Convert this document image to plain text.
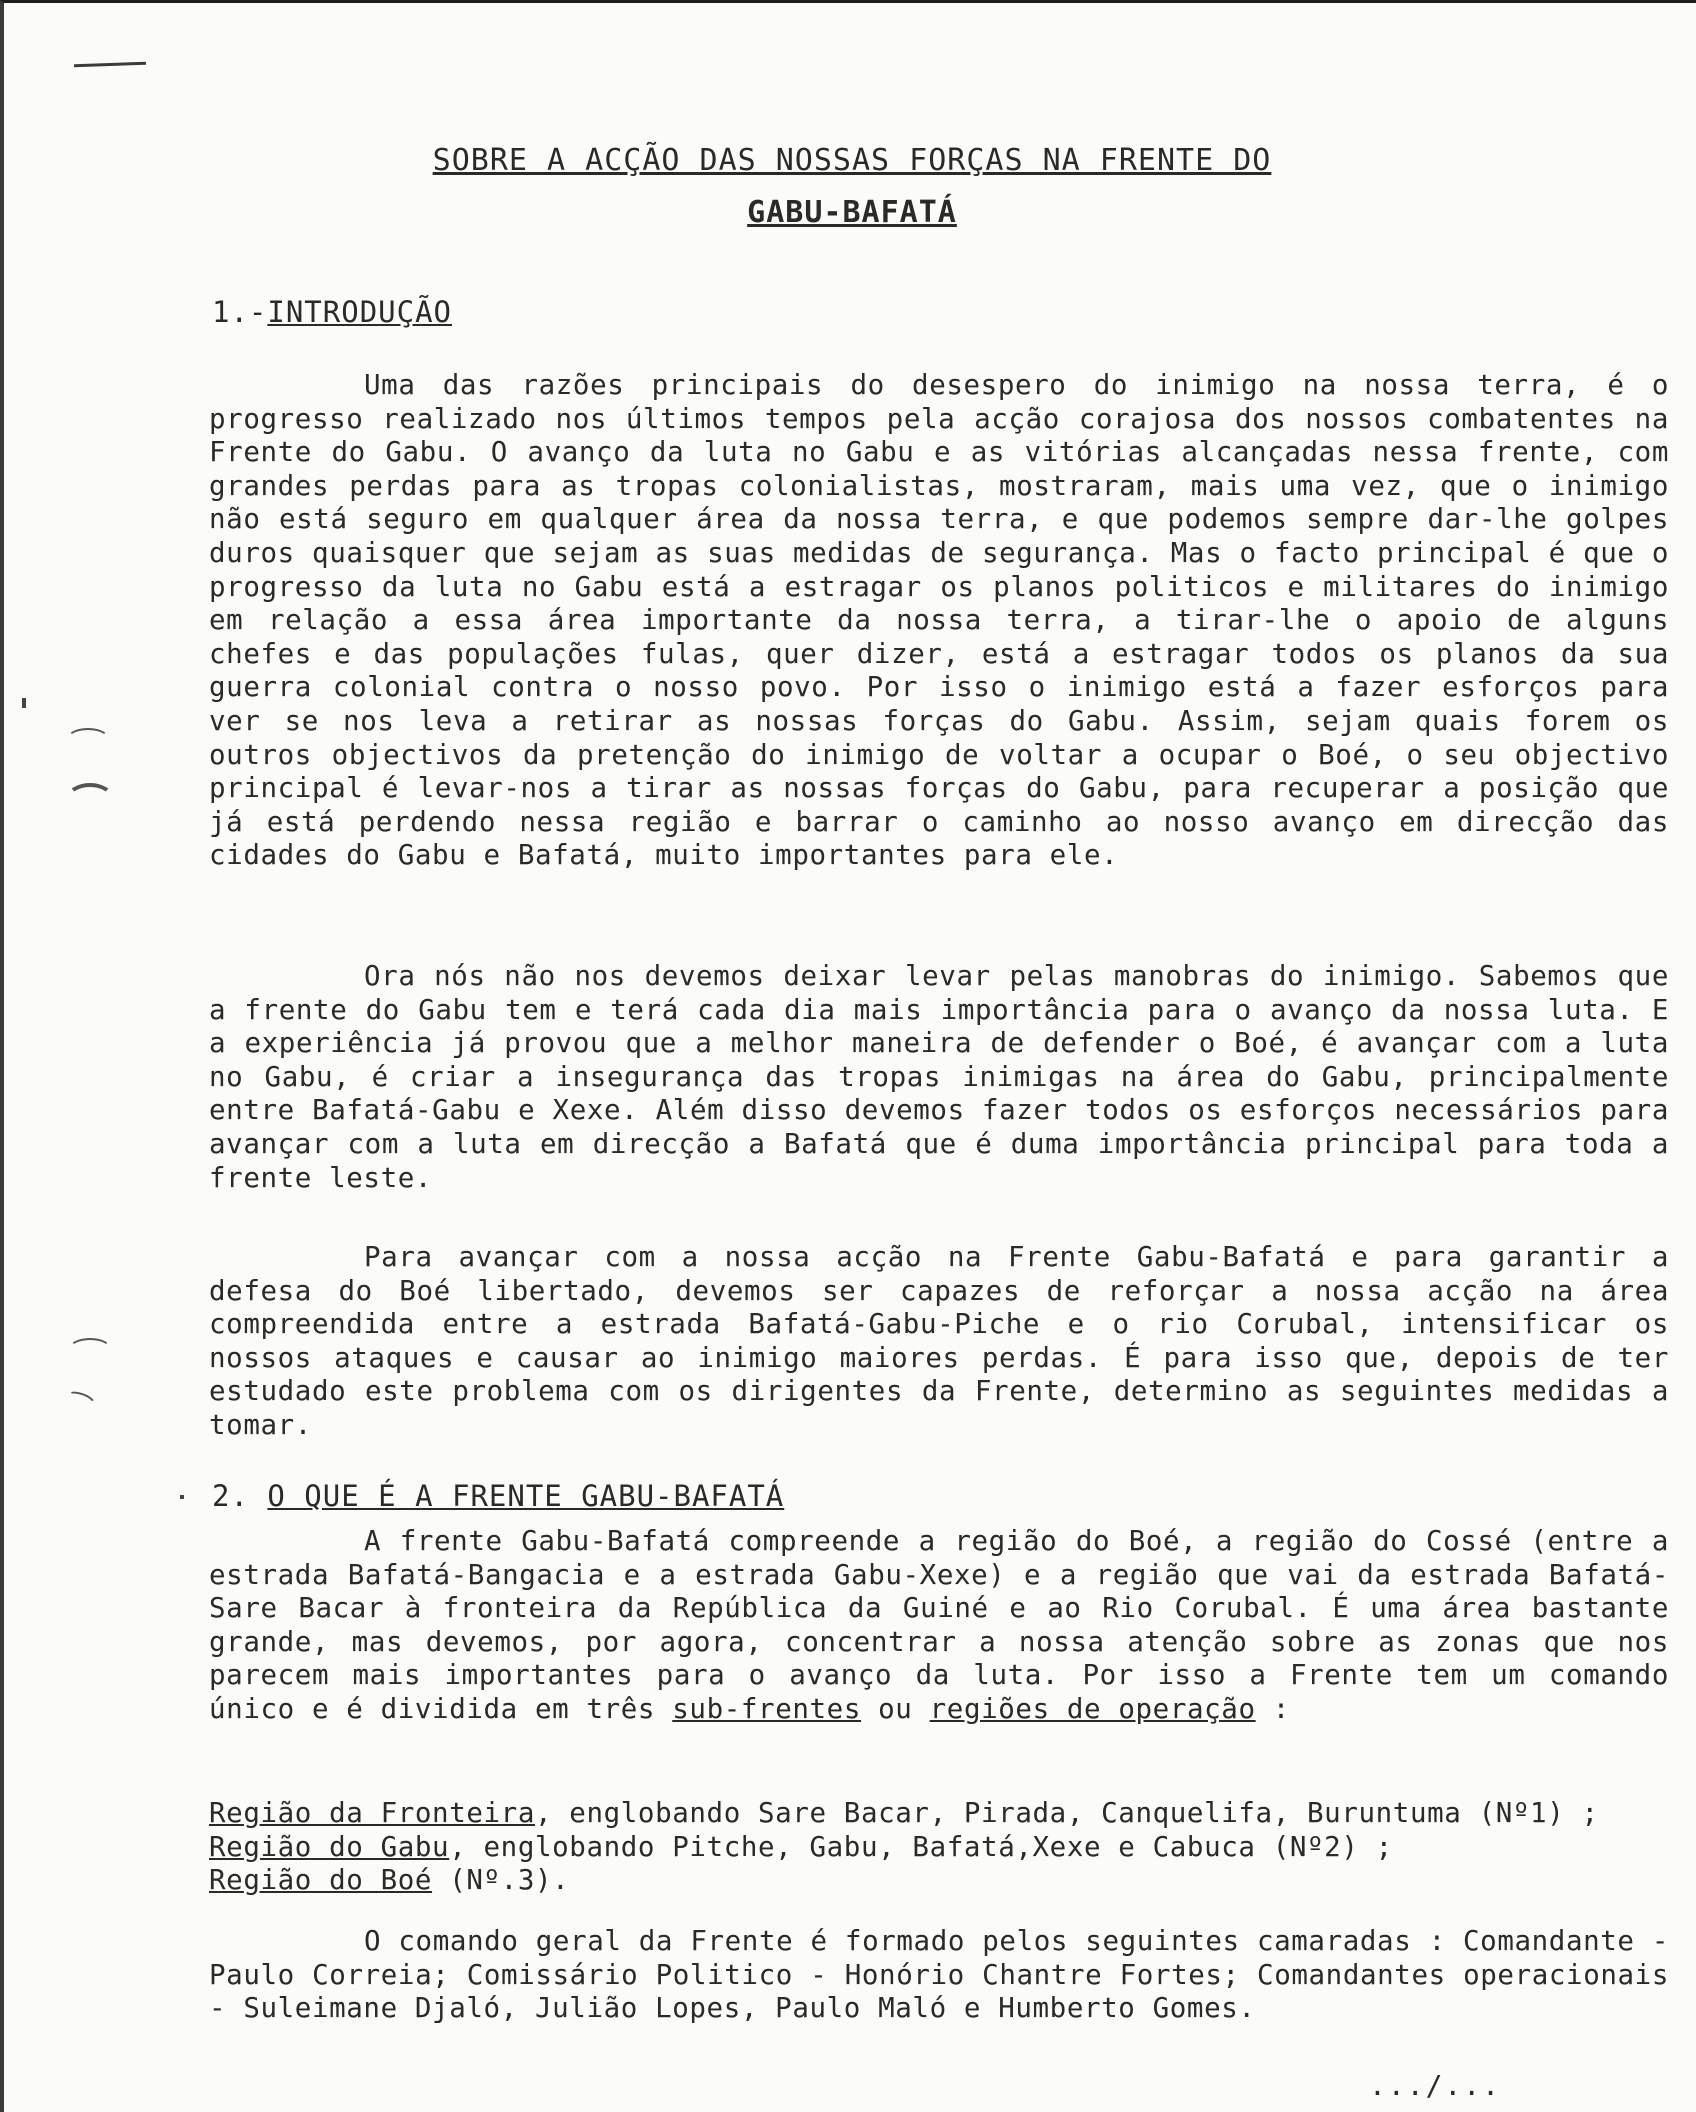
SOBRE A ACÇÃO DAS NOSSAS FORÇAS NA FRENTE DO
GABU-BAFATÁ
1.-INTRODUÇÃO

Uma das razões principais do desespero do inimigo na nossa terra, é o progresso realizado nos últimos tempos pela acção corajosa dos nossos combatentes na Frente do Gabu. O avanço da luta no Gabu e as vitórias alcançadas nessa frente, com grandes perdas para as tropas colonialistas, mostraram, mais uma vez, que o inimigo não está seguro em qualquer área da nossa terra, e que podemos sempre dar-lhe golpes duros quaisquer que sejam as suas medidas de segurança. Mas o facto principal é que o progresso da luta no Gabu está a estragar os planos politicos e militares do inimigo em relação a essa área importante da nossa terra, a tirar-lhe o apoio de alguns chefes e das populações fulas, quer dizer, está a estragar todos os planos da sua guerra colonial contra o nosso povo. Por isso o inimigo está a fazer esforços para ver se nos leva a retirar as nossas forças do Gabu. Assim, sejam quais forem os outros objectivos da pretenção do inimigo de voltar a ocupar o Boé, o seu objectivo principal é levar-nos a tirar as nossas forças do Gabu, para recuperar a posição que já está perdendo nessa região e barrar o caminho ao nosso avanço em direcção das cidades do Gabu e Bafatá, muito importantes para ele.

Ora nós não nos devemos deixar levar pelas manobras do inimigo. Sabemos que a frente do Gabu tem e terá cada dia mais importância para o avanço da nossa luta. E a experiência já provou que a melhor maneira de defender o Boé, é avançar com a luta no Gabu, é criar a insegurança das tropas inimigas na área do Gabu, principalmente entre Bafatá-Gabu e Xexe. Além disso devemos fazer todos os esforços necessários para avançar com a luta em direcção a Bafatá que é duma importância principal para toda a frente leste.

Para avançar com a nossa acção na Frente Gabu-Bafatá e para garantir a defesa do Boé libertado, devemos ser capazes de reforçar a nossa acção na área compreendida entre a estrada Bafatá-Gabu-Piche e o rio Corubal, intensificar os nossos ataques e causar ao inimigo maiores perdas. É para isso que, depois de ter estudado este problema com os dirigentes da Frente, determino as seguintes medidas a tomar.

2. O QUE É A FRENTE GABU-BAFATÁ

A frente Gabu-Bafatá compreende a região do Boé, a região do Cossé (entre a estrada Bafatá-Bangacia e a estrada Gabu-Xexe) e a região que vai da estrada Bafatá-Sare Bacar à fronteira da República da Guiné e ao Rio Corubal. É uma área bastante grande, mas devemos, por agora, concentrar a nossa atenção sobre as zonas que nos parecem mais importantes para o avanço da luta. Por isso a Frente tem um comando único e é dividida em três sub-frentes ou regiões de operação :

Região da Fronteira, englobando Sare Bacar, Pirada, Canquelifa, Buruntuma (Nº1) ;
Região do Gabu, englobando Pitche, Gabu, Bafatá,Xexe e Cabuca (Nº2) ;
Região do Boé (Nº.3).

O comando geral da Frente é formado pelos seguintes camaradas : Comandante - Paulo Correia; Comissário Politico - Honório Chantre Fortes; Comandantes operacionais - Suleimane Djaló, Julião Lopes, Paulo Maló e Humberto Gomes.

.../...
